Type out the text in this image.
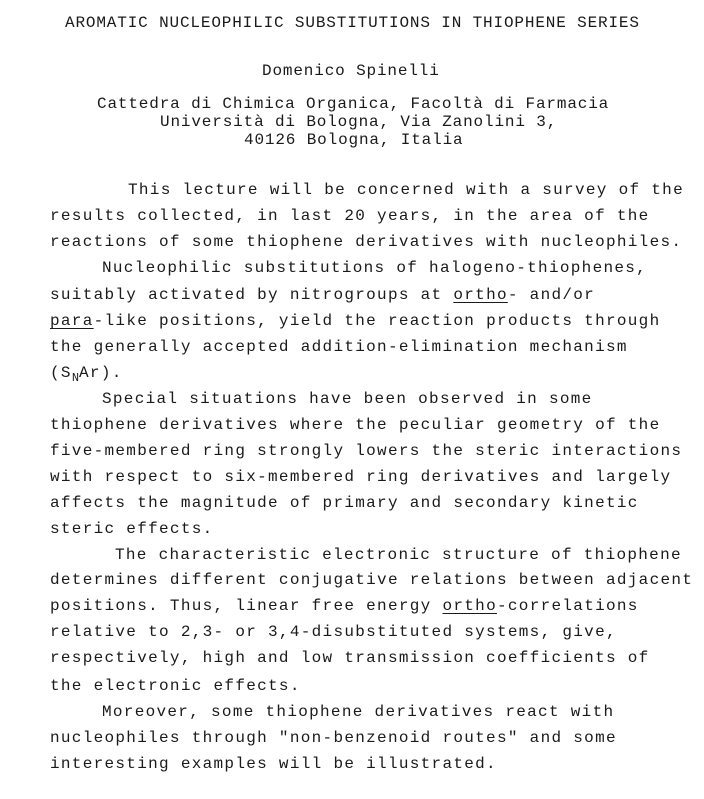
AROMATIC NUCLEOPHILIC SUBSTITUTIONS IN THIOPHENE SERIES
Domenico Spinelli
Cattedra di Chimica Organica, Facoltà di Farmacia
Università di Bologna, Via Zanolini 3,
40126 Bologna, Italia
This lecture will be concerned with a survey of the
results collected, in last 20 years, in the area of the
reactions of some thiophene derivatives with nucleophiles.
Nucleophilic substitutions of halogeno-thiophenes,
suitably activated by nitrogroups at ortho- and/or
para-like positions, yield the reaction products through
the generally accepted addition-elimination mechanism
$(S_NAr)$.
Special situations have been observed in some
thiophene derivatives where the peculiar geometry of the
five-membered ring strongly lowers the steric interactions
with respect to six-membered ring derivatives and largely
affects the magnitude of primary and secondary kinetic
steric effects.
The characteristic electronic structure of thiophene
determines different conjugative relations between adjacent
positions. Thus, linear free energy ortho-correlations
relative to 2,3- or 3,4-disubstituted systems, give,
respectively, high and low transmission coefficients of
the electronic effects.
Moreover, some thiophene derivatives react with
nucleophiles through "non-benzenoid routes" and some
interesting examples will be illustrated.
